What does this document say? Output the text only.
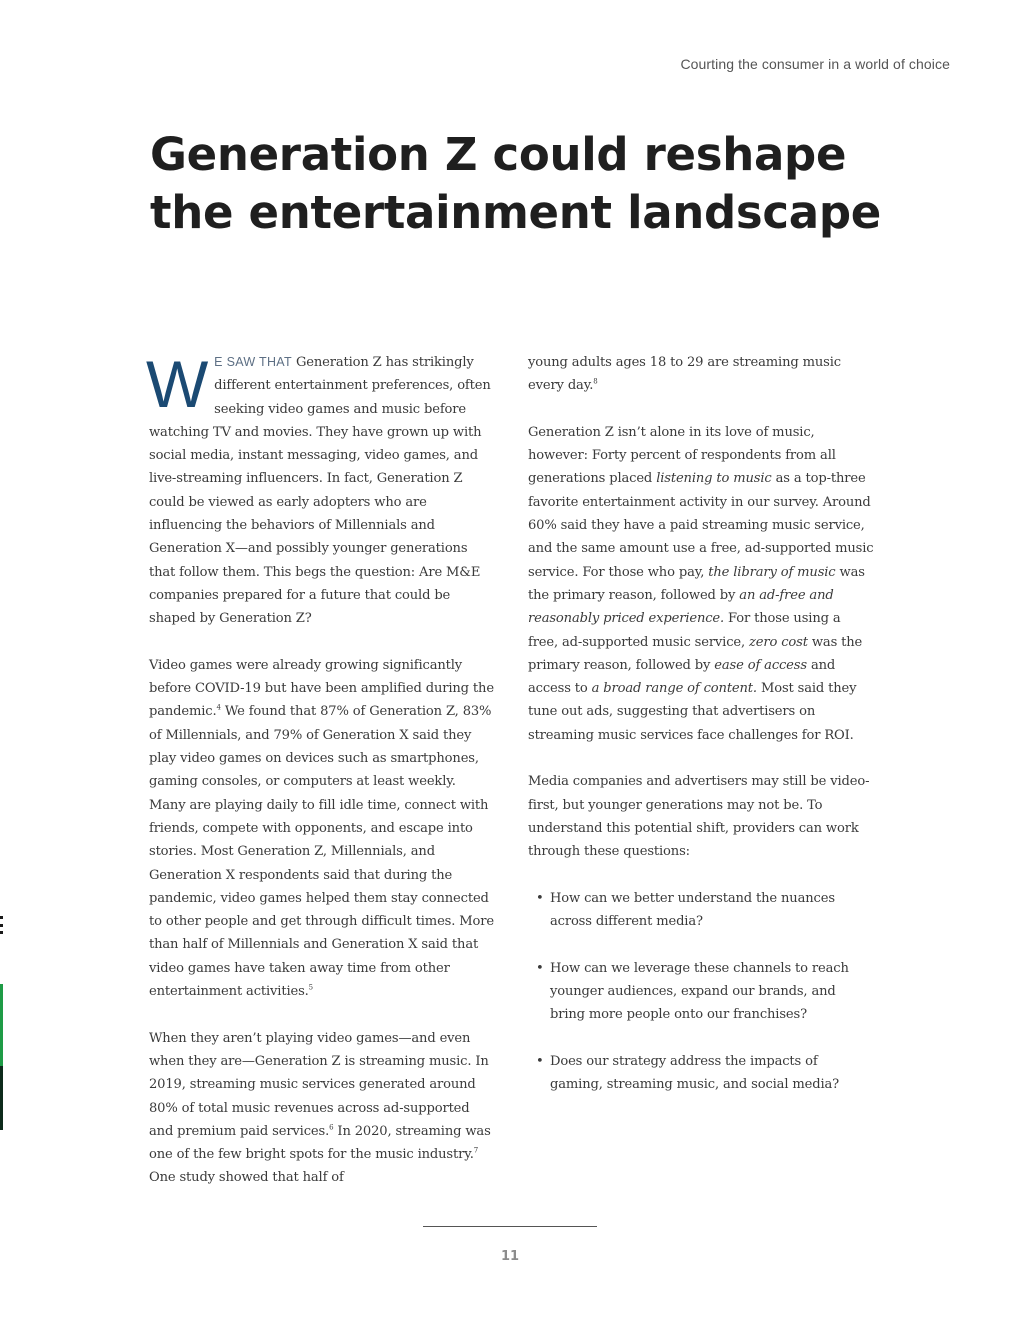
Courting the consumer in a world of choice
Generation Z could reshape
the entertainment landscape

W E SAW THAT Generation Z has strikingly different entertainment preferences, often seeking video games and music before watching TV and movies. They have grown up with social media, instant messaging, video games, and live-streaming influencers. In fact, Generation Z could be viewed as early adopters who are influencing the behaviors of Millennials and Generation X—and possibly younger generations that follow them. This begs the question: Are M&E companies prepared for a future that could be shaped by Generation Z?

Video games were already growing significantly before COVID-19 but have been amplified during the pandemic.$^4$ We found that 87% of Generation Z, 83% of Millennials, and 79% of Generation X said they play video games on devices such as smartphones, gaming consoles, or computers at least weekly. Many are playing daily to fill idle time, connect with friends, compete with opponents, and escape into stories. Most Generation Z, Millennials, and Generation X respondents said that during the pandemic, video games helped them stay connected to other people and get through difficult times. More than half of Millennials and Generation X said that video games have taken away time from other entertainment activities.$^5$

When they aren’t playing video games—and even when they are—Generation Z is streaming music. In 2019, streaming music services generated around 80% of total music revenues across ad-supported and premium paid services.$^6$ In 2020, streaming was one of the few bright spots for the music industry.$^7$ One study showed that half of

young adults ages 18 to 29 are streaming music every day.$^8$

Generation Z isn’t alone in its love of music, however: Forty percent of respondents from all generations placed listening to music as a top-three favorite entertainment activity in our survey. Around 60% said they have a paid streaming music service, and the same amount use a free, ad-supported music service. For those who pay, the library of music was the primary reason, followed by an ad-free and reasonably priced experience. For those using a free, ad-supported music service, zero cost was the primary reason, followed by ease of access and access to a broad range of content. Most said they tune out ads, suggesting that advertisers on streaming music services face challenges for ROI.

Media companies and advertisers may still be video-first, but younger generations may not be. To understand this potential shift, providers can work through these questions:

• How can we better understand the nuances across different media?
• How can we leverage these channels to reach younger audiences, expand our brands, and bring more people onto our franchises?
• Does our strategy address the impacts of gaming, streaming music, and social media?
11
